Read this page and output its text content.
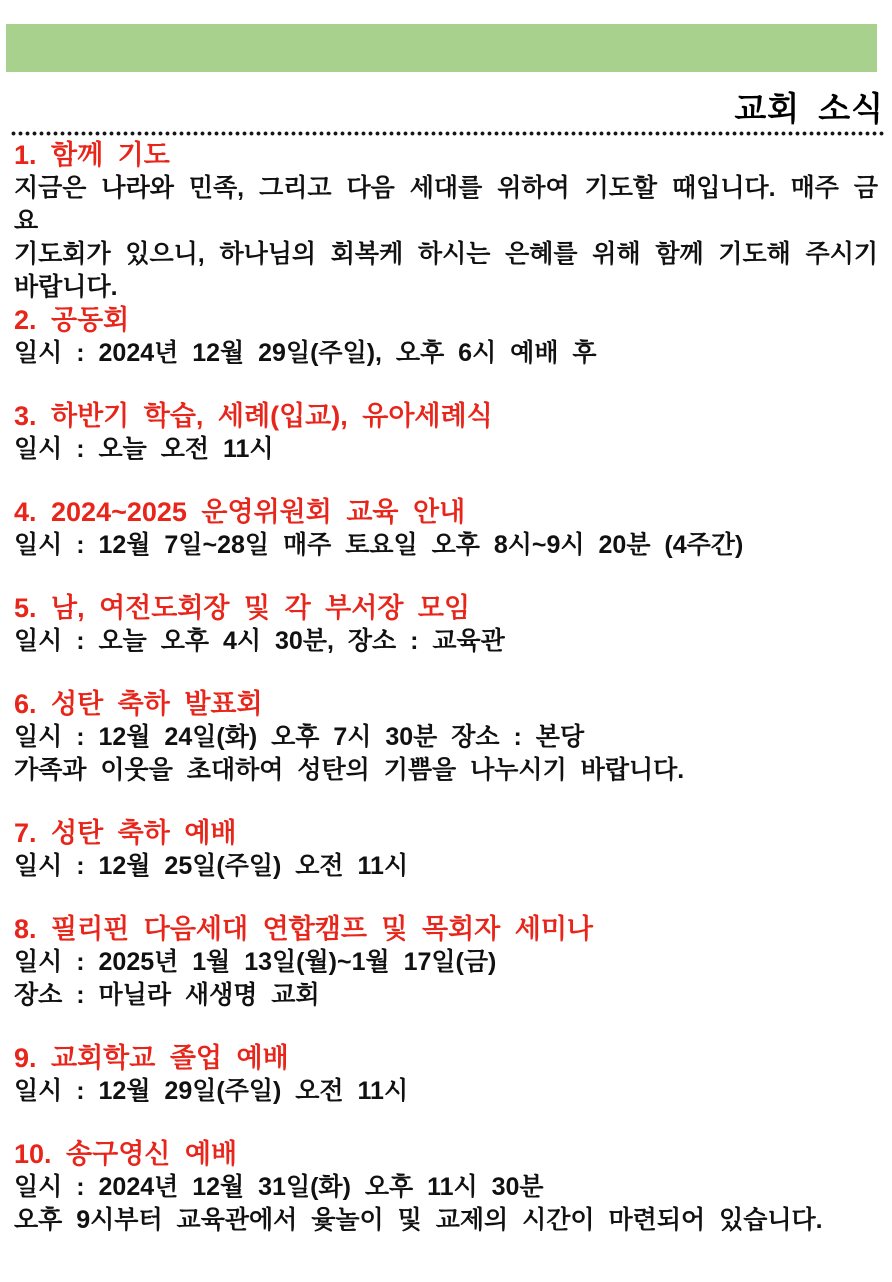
교회 소식
1. 함께 기도
지금은 나라와 민족, 그리고 다음 세대를 위하여 기도할 때입니다. 매주 금요
기도회가 있으니, 하나님의 회복케 하시는 은혜를 위해 함께 기도해 주시기
바랍니다.
2. 공동회
일시 : 2024년 12월 29일(주일), 오후 6시 예배 후
3. 하반기 학습, 세례(입교), 유아세례식
일시 : 오늘 오전 11시
4. 2024~2025 운영위원회 교육 안내
일시 : 12월 7일~28일 매주 토요일 오후 8시~9시 20분 (4주간)
5. 남, 여전도회장 및 각 부서장 모임
일시 : 오늘 오후 4시 30분, 장소 : 교육관
6. 성탄 축하 발표회
일시 : 12월 24일(화) 오후 7시 30분 장소 : 본당
가족과 이웃을 초대하여 성탄의 기쁨을 나누시기 바랍니다.
7. 성탄 축하 예배
일시 : 12월 25일(주일) 오전 11시
8. 필리핀 다음세대 연합캠프 및 목회자 세미나
일시 : 2025년 1월 13일(월)~1월 17일(금)
장소 : 마닐라 새생명 교회
9. 교회학교 졸업 예배
일시 : 12월 29일(주일) 오전 11시
10. 송구영신 예배
일시 : 2024년 12월 31일(화) 오후 11시 30분
오후 9시부터 교육관에서 윷놀이 및 교제의 시간이 마련되어 있습니다.
